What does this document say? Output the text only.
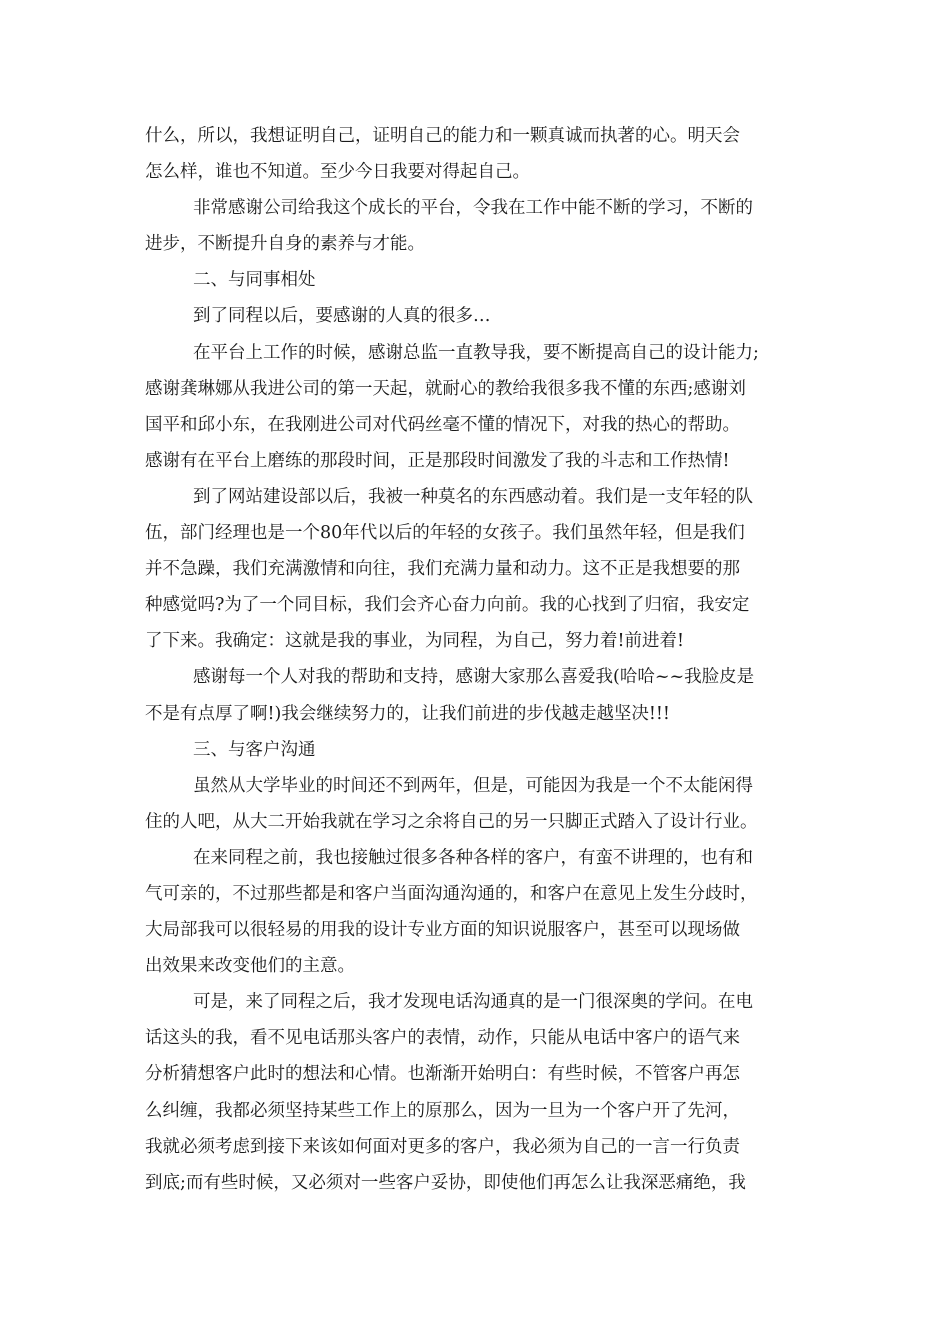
什么，所以，我想证明自己，证明自己的能力和一颗真诚而执著的心。明天会
怎么样，谁也不知道。至少今日我要对得起自己。
非常感谢公司给我这个成长的平台，令我在工作中能不断的学习，不断的
进步，不断提升自身的素养与才能。
二、与同事相处
到了同程以后，要感谢的人真的很多…
在平台上工作的时候，感谢总监一直教导我，要不断提高自己的设计能力;
感谢龚琳娜从我进公司的第一天起，就耐心的教给我很多我不懂的东西;感谢刘
国平和邱小东，在我刚进公司对代码丝毫不懂的情况下，对我的热心的帮助。
感谢有在平台上磨练的那段时间，正是那段时间激发了我的斗志和工作热情!
到了网站建设部以后，我被一种莫名的东西感动着。我们是一支年轻的队
伍，部门经理也是一个80年代以后的年轻的女孩子。我们虽然年轻，但是我们
并不急躁，我们充满激情和向往，我们充满力量和动力。这不正是我想要的那
种感觉吗?为了一个同目标，我们会齐心奋力向前。我的心找到了归宿，我安定
了下来。我确定：这就是我的事业，为同程，为自己，努力着!前进着!
感谢每一个人对我的帮助和支持，感谢大家那么喜爱我(哈哈~~我脸皮是
不是有点厚了啊!)我会继续努力的，让我们前进的步伐越走越坚决!!!
三、与客户沟通
虽然从大学毕业的时间还不到两年，但是，可能因为我是一个不太能闲得
住的人吧，从大二开始我就在学习之余将自己的另一只脚正式踏入了设计行业。
在来同程之前，我也接触过很多各种各样的客户，有蛮不讲理的，也有和
气可亲的，不过那些都是和客户当面沟通沟通的，和客户在意见上发生分歧时，
大局部我可以很轻易的用我的设计专业方面的知识说服客户，甚至可以现场做
出效果来改变他们的主意。
可是，来了同程之后，我才发现电话沟通真的是一门很深奥的学问。在电
话这头的我，看不见电话那头客户的表情，动作，只能从电话中客户的语气来
分析猜想客户此时的想法和心情。也渐渐开始明白：有些时候，不管客户再怎
么纠缠，我都必须坚持某些工作上的原那么，因为一旦为一个客户开了先河，
我就必须考虑到接下来该如何面对更多的客户，我必须为自己的一言一行负责
到底;而有些时候，又必须对一些客户妥协，即使他们再怎么让我深恶痛绝，我
